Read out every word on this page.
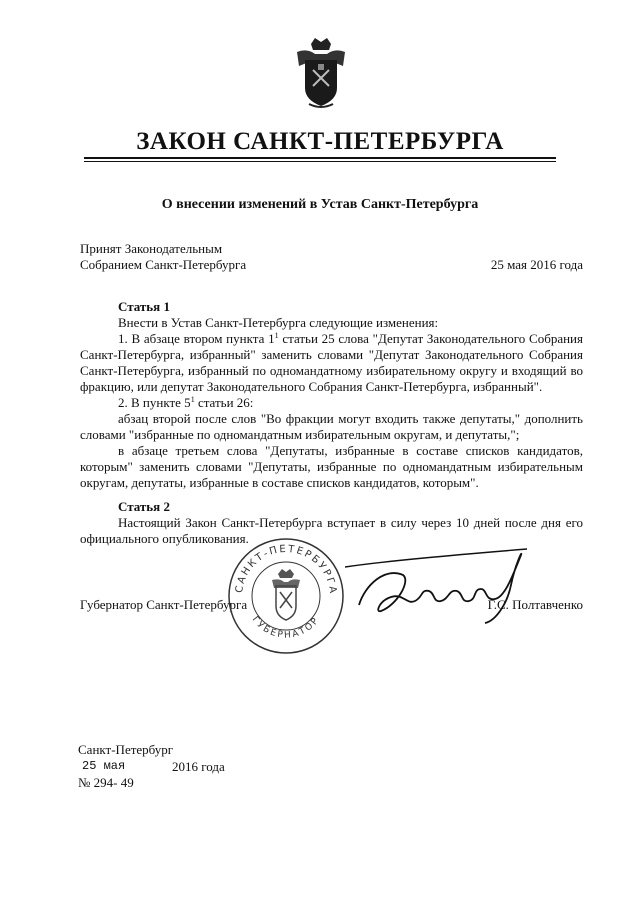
ЗАКОН САНКТ-ПЕТЕРБУРГА
О внесении изменений в Устав Санкт-Петербурга
Принят Законодательным
Собранием Санкт-Петербурга	25 мая 2016 года
Статья 1
Внести в Устав Санкт-Петербурга следующие изменения:
1. В абзаце втором пункта $1^1$ статьи 25 слова "Депутат Законодательного Собрания
Санкт-Петербурга, избранный" заменить словами "Депутат Законодательного Собрания
Санкт-Петербурга, избранный по одномандатному избирательному округу и входящий во
фракцию, или депутат Законодательного Собрания Санкт-Петербурга, избранный".
2. В пункте $5^1$ статьи 26:
абзац второй после слов "Во фракции могут входить также депутаты," дополнить
словами "избранные по одномандатным избирательным округам, и депутаты,";
в абзаце третьем слова "Депутаты, избранные в составе списков кандидатов,
которым" заменить словами "Депутаты, избранные по одномандатным избирательным
округам, депутаты, избранные в составе списков кандидатов, которым".
Статья 2
Настоящий Закон Санкт-Петербурга вступает в силу через 10 дней после дня его
официального опубликования.
Губернатор Санкт-Петербурга	Г.С. Полтавченко
САНКТ-ПЕТЕРБУРГА
ГУБЕРНАТОР
Санкт-Петербург
25 мая	2016 года
№ 294- 49
